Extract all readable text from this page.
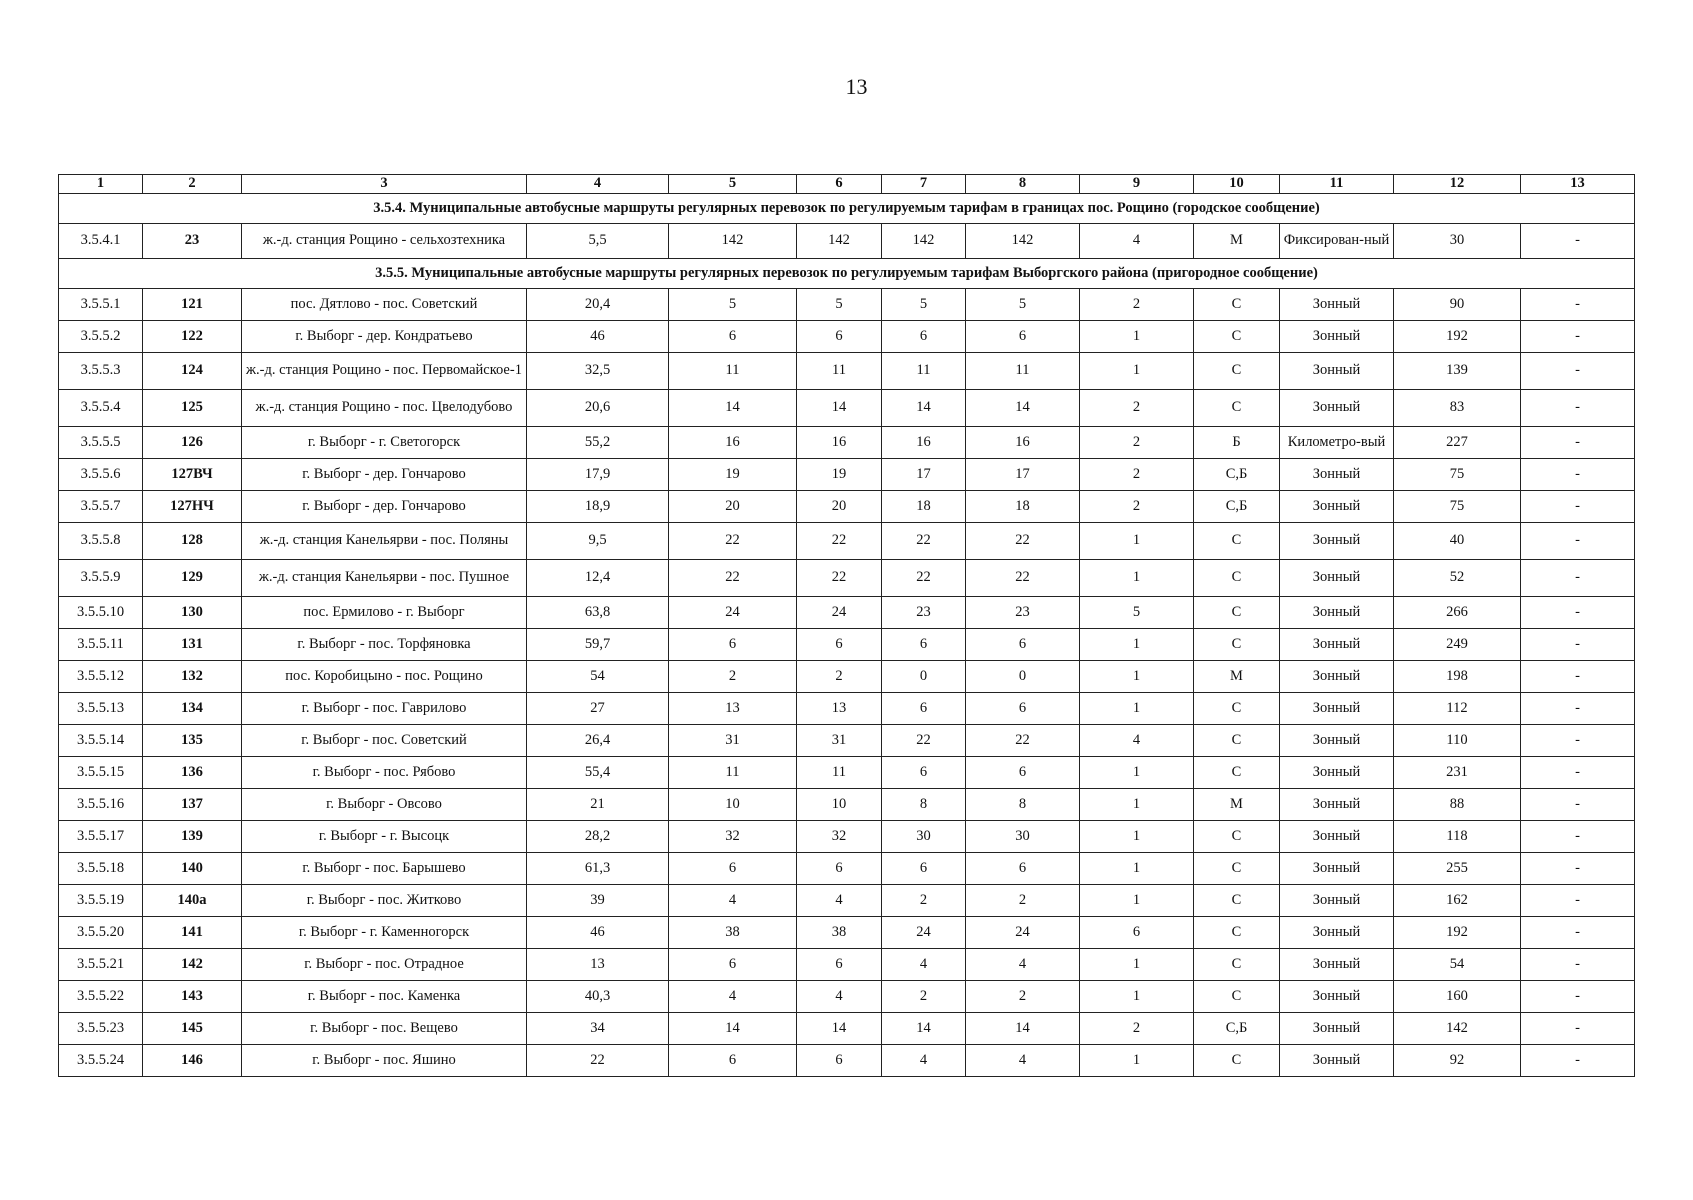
13
1	2	3	4	5	6	7	8	9	10	11	12	13
3.5.4. Муниципальные автобусные маршруты регулярных перевозок по регулируемым тарифам в границах пос. Рощино (городское сообщение)												
3.5.4.1	23	ж.-д. станция Рощино - сельхозтехника	5,5	142	142	142	142	4	М	Фиксирован-ный	30	-
3.5.5. Муниципальные автобусные маршруты регулярных перевозок по регулируемым тарифам Выборгского района (пригородное сообщение)												
3.5.5.1	121	пос. Дятлово - пос. Советский	20,4	5	5	5	5	2	С	Зонный	90	-
3.5.5.2	122	г. Выборг - дер. Кондратьево	46	6	6	6	6	1	С	Зонный	192	-
3.5.5.3	124	ж.-д. станция Рощино - пос. Первомайское-1	32,5	11	11	11	11	1	С	Зонный	139	-
3.5.5.4	125	ж.-д. станция Рощино - пос. Цвелодубово	20,6	14	14	14	14	2	С	Зонный	83	-
3.5.5.5	126	г. Выборг - г. Светогорск	55,2	16	16	16	16	2	Б	Километро-вый	227	-
3.5.5.6	127ВЧ	г. Выборг - дер. Гончарово	17,9	19	19	17	17	2	С,Б	Зонный	75	-
3.5.5.7	127НЧ	г. Выборг - дер. Гончарово	18,9	20	20	18	18	2	С,Б	Зонный	75	-
3.5.5.8	128	ж.-д. станция Канельярви - пос. Поляны	9,5	22	22	22	22	1	С	Зонный	40	-
3.5.5.9	129	ж.-д. станция Канельярви - пос. Пушное	12,4	22	22	22	22	1	С	Зонный	52	-
3.5.5.10	130	пос. Ермилово - г. Выборг	63,8	24	24	23	23	5	С	Зонный	266	-
3.5.5.11	131	г. Выборг - пос. Торфяновка	59,7	6	6	6	6	1	С	Зонный	249	-
3.5.5.12	132	пос. Коробицыно - пос. Рощино	54	2	2	0	0	1	М	Зонный	198	-
3.5.5.13	134	г. Выборг - пос. Гаврилово	27	13	13	6	6	1	С	Зонный	112	-
3.5.5.14	135	г. Выборг - пос. Советский	26,4	31	31	22	22	4	С	Зонный	110	-
3.5.5.15	136	г. Выборг - пос. Рябово	55,4	11	11	6	6	1	С	Зонный	231	-
3.5.5.16	137	г. Выборг - Овсово	21	10	10	8	8	1	М	Зонный	88	-
3.5.5.17	139	г. Выборг - г. Высоцк	28,2	32	32	30	30	1	С	Зонный	118	-
3.5.5.18	140	г. Выборг - пос. Барышево	61,3	6	6	6	6	1	С	Зонный	255	-
3.5.5.19	140а	г. Выборг - пос. Житково	39	4	4	2	2	1	С	Зонный	162	-
3.5.5.20	141	г. Выборг - г. Каменногорск	46	38	38	24	24	6	С	Зонный	192	-
3.5.5.21	142	г. Выборг - пос. Отрадное	13	6	6	4	4	1	С	Зонный	54	-
3.5.5.22	143	г. Выборг - пос. Каменка	40,3	4	4	2	2	1	С	Зонный	160	-
3.5.5.23	145	г. Выборг - пос. Вещево	34	14	14	14	14	2	С,Б	Зонный	142	-
3.5.5.24	146	г. Выборг - пос. Яшино	22	6	6	4	4	1	С	Зонный	92	-
